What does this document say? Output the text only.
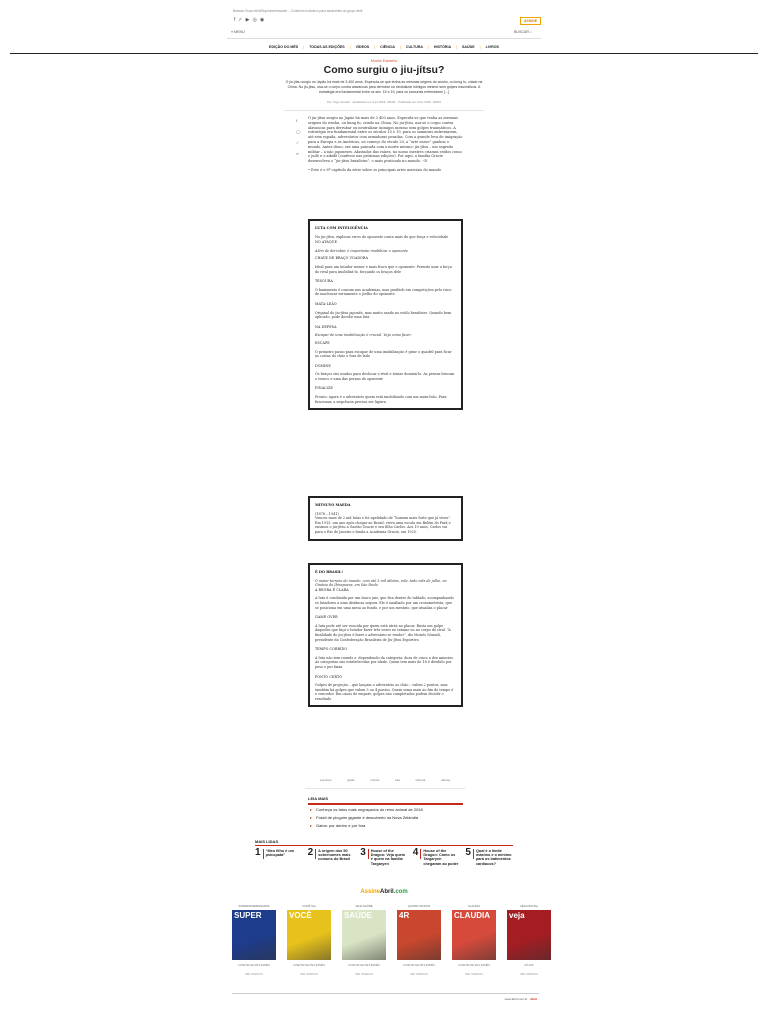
Bancas Grupo Abril/Superinteressante – Conteúdo exclusivo para assinantes do grupo abril
f ✓ ▶ ◎ ◉	ASSINE
≡ MENU	BUSCAR ⌕
EDIÇÃO DO MÊS | TODAS AS EDIÇÕES | VÍDEOS | CIÊNCIA | CULTURA | HISTÓRIA | SAÚDE | LIVROS
Mundo Estranho
Como surgiu o jiu-jítsu?
O jiu-jítsu surgiu no Japão há mais de 3 400 anos. Especula-se que tenha as mesmas origens do wushu, ou kung fu, criado na China. No jiu-jítsu, usa-se o corpo contra alavancas para derrubar ou neutralizar inimigos mesmo sem golpes traumáticos. A estratégia era fundamental entre os séc. 15 e 19, para os samurais enfrentarem [...]
Por Yago Goulart · Atualizado em 4 jul 2018, 18h06 · Publicado em 6 fev 2015, 19h03
f
◯
✓
∞

O jiu-jítsu surgiu no Japão há mais de 3 400 anos. Especula-se que tenha as mesmas origens do wushu, ou kung fu, criado na China. No jiu-jítsu, usa-se o corpo contra alavancas para derrubar ou neutralizar inimigos mesmo sem golpes traumáticos. A estratégia era fundamental entre os séculos 15 e 19, para os samurais enfrentarem, até sem espada, adversários com armaduras pesadas. Com a grande leva de imigração para a Europa e as Américas, no começo do século 20, a “arte suave” ganhou o mundo. Antes disso, era uma pancada com a morte mesmo: jiu-jítsu – um segredo militar – a não japoneses. Afastados das raízes, no nosso mestres criaram estilos como o judô e o aikidô (confesse nas próximas edições). Por aqui, a família Gracie desenvolveu o “jiu-jítsu brasileiro”, o mais praticado no mundo. :-D

• Este é o 6º capítulo da série sobre os principais artes marciais do mundo

LUTA COM INTELIGÊNCIA

No jiu-jítsu, explorar erros do oponente conta mais do que força e velocidade

NO ATAQUE

Além de derrubar, é importante imobilizar o oponente

CHAVE DE BRAÇO VOADORA

Ideal para um lutador menor e mais fraco que o oponente. Permite usar a força do rival para imobilizá-lo, forçando os braços dele

TESOURA

O banimento é comum nas academias, mas proibido em competições pelo risco de machucar seriamente o joelho do oponente

MATA-LEÃO

Original do jiu-jítsu japonês, mas muito usado no estilo brasileiro. Quando bem aplicado, pode decidir uma luta

NA DEFESA

Escapar de uma imobilização é crucial. Veja como fazer:

ESCAPE

O primeiro passo para escapar de uma imobilização é girar o quadril para ficar as costas do chão e fora de lado

DOMINE

Os braços são usados para deslocar o rival e tentar dominá-lo. As pernas brocam o tronco e uma das pernas do oponente

FINALIZE

Pronto: agora é o adversário quem está imobilizado com um mata-leão. Para funcionar, a sequência precisa ser ligeira

MITSUYO MAEDA

(1878 – 1941)

Venceu mais de 2 mil lutas e foi apelidado de “homem mais forte que já viveu”. Em 1915, um ano após chegar ao Brasil, viveu uma escola em Belém do Pará e ensinou o jiu-jítsu a Gastão Gracie e seu filho Carlos. Aos 19 anos, Carlos vai para o Rio de Janeiro e funda a Academia Gracie, em 1925.

É DO BRASIL!

O maior torneio do mundo, com até 3 mil atletas, rola, todo mês de julho, no Ginásio do Ibirapuera, em São Paulo

A REGRA É CLARA

A luta é conduzida por um único juiz, que fica dentro do tablado, acompanhando os lutadores a uma distância segura. Ele é auxiliado por um cronometrista, que se posiciona em uma mesa ao fundo, e por um mesário, que atualiza o placar

GAME OVER

A luta pode até ser vencida por quem está atrás no placar. Basta um golpe daqueles que faça o lutador fazer três vezes no tatame ou no corpo do rival. “A finalidade do jiu-jítsu é fazer o adversário se render”, diz Moisés Muradi, presidente da Confederação Brasileira de Jiu-Jítsu Esportivo

TEMPO CORRIDO

A luta não tem rounds e, dependendo da categoria, dura de cinco a dez minutos. As categorias são estabelecidas por idade. Quem tem mais de 18 é dividido por peso e por faixa

PONTO CERTO

Golpes de projeção – que lançam o adversário ao chão – valem 2 pontos, mas também há golpes que valem 3 ou 4 pontos. Quem soma mais ao fim do tempo é o vencedor. Em casos de empate, golpes não completados podem decidir o resultado

esportes	japão	cultura	luta	história	defesa
LEIA MAIS
▸ Conheça os fatos mais engraçados do reino animal de 2018
▸ Fóssil de pinguim gigante é descoberto na Nova Zelândia
▸ Gatos: por dentro e por fora
MAIS LIDAS
1	“Meu filho é um psicopata”	2	A origem dos 50 sobrenomes mais comuns do Brasil
3	House of the Dragon: Veja quem é quem na família Targaryen
4	House of the Dragon: Como os Targaryen chegaram ao poder
5	Qual é o limite máximo e o mínimo para os batimentos cardíacos?
AssineAbril.com
SUPERINTERESSANTE
SUPER
A PARTIR DE R$ 9,90/MÊS
VER OFERTAS
VOCÊ S/A
VOCÊ
A PARTIR DE R$ 9,90/MÊS
VER OFERTAS
VEJA SAÚDE
SAÚDE
A PARTIR DE R$ 9,90/MÊS
VER OFERTAS
QUATRO RODAS
4R
A PARTIR DE R$ 9,90/MÊS
VER OFERTAS
CLAUDIA
CLAUDIA
A PARTIR DE R$ 9,90/MÊS
VER OFERTAS
VEJA DIGITAL
veja
SÓ APP
VER OFERTAS
www.abril.com.br · Abril
